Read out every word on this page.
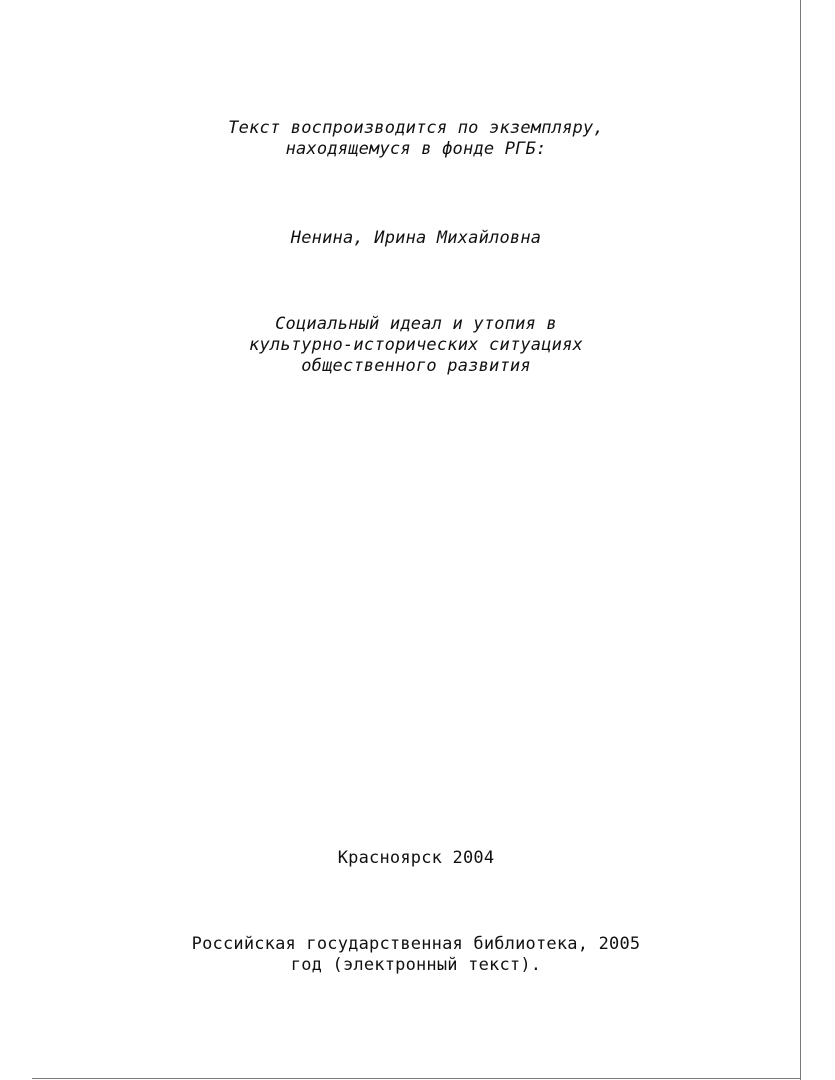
Текст воспроизводится по экземпляру,
находящемуся в фонде РГБ:
Ненина, Ирина Михайловна
Социальный идеал и утопия в
культурно-исторических ситуациях
общественного развития
Красноярск 2004
Российская государственная библиотека, 2005
год (электронный текст).
